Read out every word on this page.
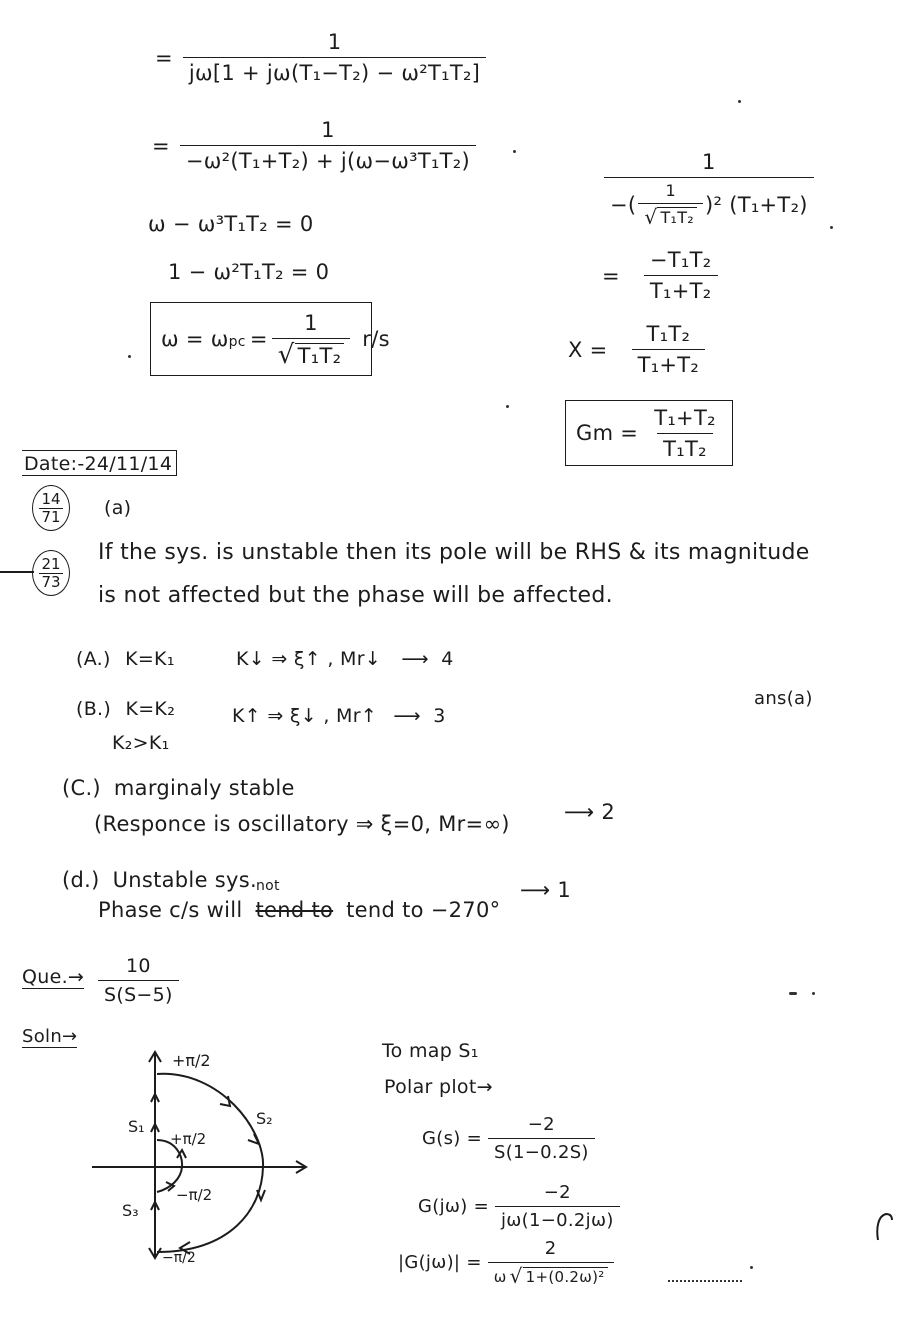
= $\frac{1}{\text{jω[1 + jω(T₁−T₂) − ω²T₁T₂]}}$
= $\frac{1}{\text{−ω²(T₁+T₂) + j(ω−ω³T₁T₂)}}$
ω − ω³T₁T₂ = 0
1 − ω²T₁T₂ = 0
$\omega = \omega pc = \frac{1}{\text{√ T₁T₂}} r/s$
$\frac{1}{-( \frac{1}{\text{√ T₁T₂}} )^2 (T_1+T_2)}$
= $\frac{\text{−T₁T₂}}{\text{T₁+T₂}}$
$X = \frac{\text{T₁T₂}}{\text{T₁+T₂}}$
$Gm = \frac{\text{T₁+T₂}}{\text{T₁T₂}}$
Date:-24/11/14
$\frac{14}{71} (a)$
$\frac{21}{73}$ If the sys. is unstable then its pole will be RHS & its magnitude
is not affected but the phase will be affected.
(A.) K=K₁	K↓ ⇒ ξ↑ , Mr↓ ⟶ 4
(B.) K=K₂
K₂>K₁
K↑ ⇒ ξ↓ , Mr↑ ⟶ 3
ans(a)
(C.) marginaly stable
(Responce is oscillatory ⇒ ξ=0, Mr=∞)	⟶ 2
(d.) Unstable sys. not
Phase c/s will tend to tend to −270°
⟶ 1
$Que.\to \frac{10}{S(S-5)}$
Soln→
+π/2
+π/2
−π/2
−π/2
S₁	S₂
S₃
To map S₁
Polar plot→
$G(s) = \frac{-2}{S(1-0.2S)}$
$G(j\omega) = \frac{-2}{j\omega(1-0.2j\omega)}$
$|G(j\omega)| = \frac{2}{\text{ω √ 1+(0.2ω)²}}$
